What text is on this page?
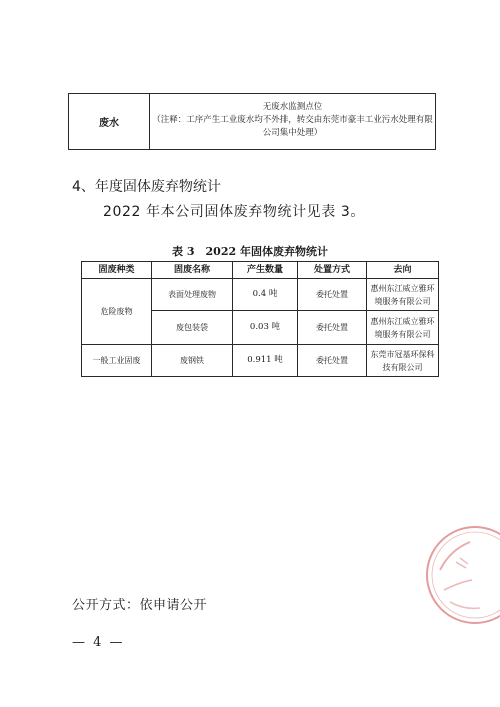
废水
无废水监测点位
（注释：工序产生工业废水均不外排，转交由东莞市豪丰工业污水处理有限
公司集中处理）
4、年度固体废弃物统计
2022 年本公司固体废弃物统计见表 3。
表 3　2022 年固体废弃物统计
固废种类	固废名称	产生数量	处置方式	去向
危险废物	表面处理废物	0.4 吨	委托处置	惠州东江威立雅环
境服务有限公司

	废包装袋	0.03 吨	委托处置	惠州东江威立雅环
境服务有限公司

一般工业固废	废钢铁	0.911 吨	委托处置	东莞市冠基环保科
技有限公司
公开方式：依申请公开
— 4 —
